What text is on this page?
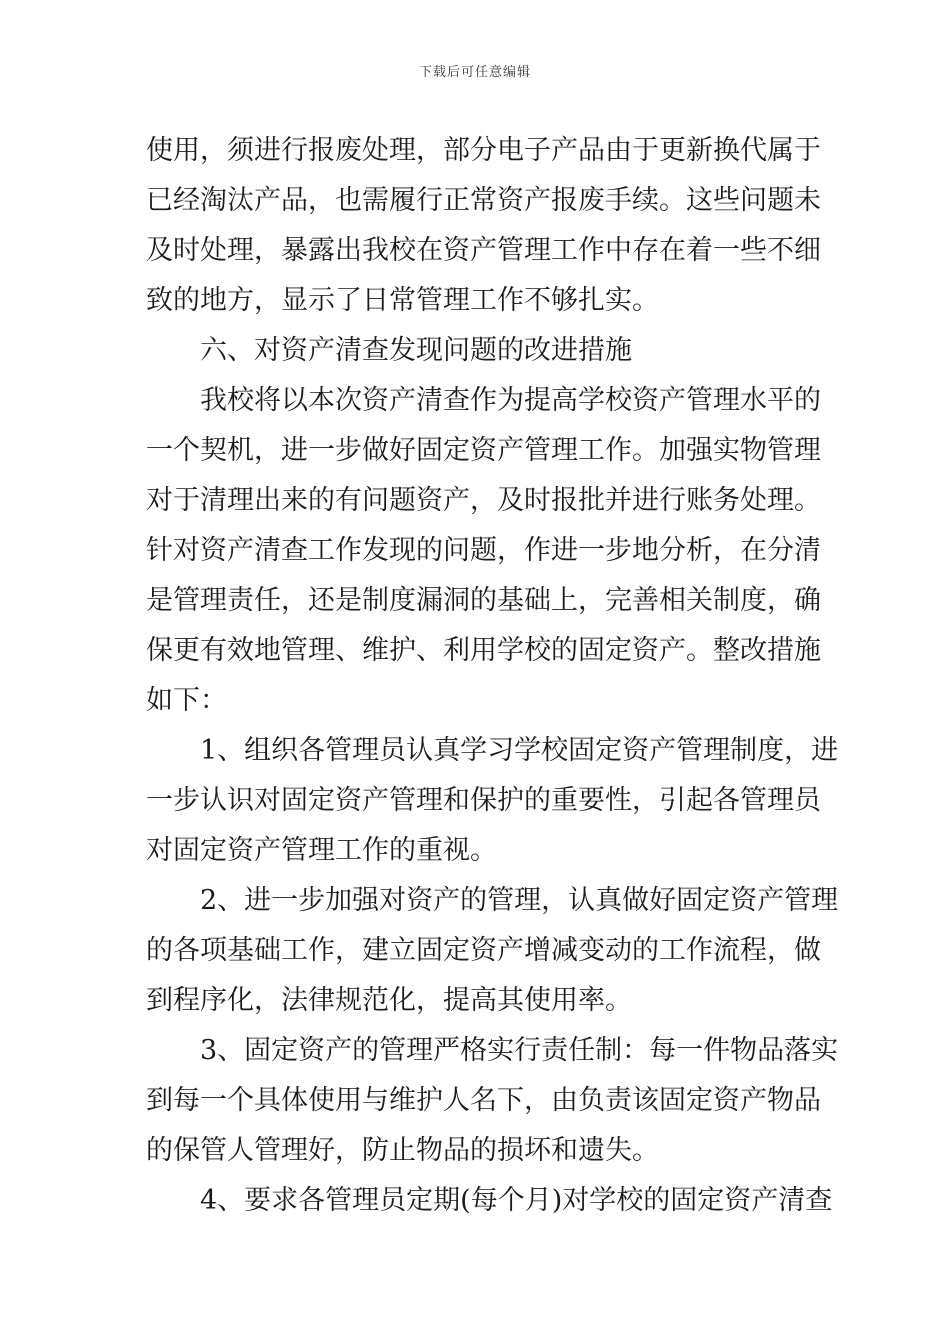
下载后可任意编辑
使用，须进行报废处理，部分电子产品由于更新换代属于
已经淘汰产品，也需履行正常资产报废手续。这些问题未
及时处理，暴露出我校在资产管理工作中存在着一些不细
致的地方，显示了日常管理工作不够扎实。
六、对资产清查发现问题的改进措施
我校将以本次资产清查作为提高学校资产管理水平的
一个契机，进一步做好固定资产管理工作。加强实物管理
对于清理出来的有问题资产，及时报批并进行账务处理。
针对资产清查工作发现的问题，作进一步地分析，在分清
是管理责任，还是制度漏洞的基础上，完善相关制度，确
保更有效地管理、维护、利用学校的固定资产。整改措施
如下：
1、组织各管理员认真学习学校固定资产管理制度，进
一步认识对固定资产管理和保护的重要性，引起各管理员
对固定资产管理工作的重视。
2、进一步加强对资产的管理，认真做好固定资产管理
的各项基础工作，建立固定资产增减变动的工作流程，做
到程序化，法律规范化，提高其使用率。
3、固定资产的管理严格实行责任制：每一件物品落实
到每一个具体使用与维护人名下，由负责该固定资产物品
的保管人管理好，防止物品的损坏和遗失。
4、要求各管理员定期(每个月)对学校的固定资产清查
